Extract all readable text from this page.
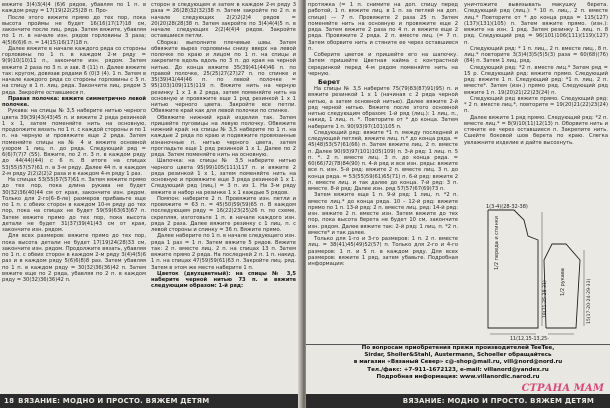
вяжите 3(4)3(4)4 (6)6 рядов, убавляя по 1 п. в каждом ряду = 17(19)22(25)28 п. Про-

После этого вяжите прямо до тех пор, пока высота проймы не будет 16(16)17(17)18 см, закончите после лиц. ряда. Затем вяжите, убавляя по 1 п. в начале изн. рядов горловины 3 раза; 4(5)6(6)6 п. = 14(15)16(17)18 п.

Далее вяжите в начале каждого ряда со стороны горловины по 1 п. в каждом 2-м ряду = 9(9)10(10)11 п., закончите изн. рядом. Затем вяжите 2 раза по 3 п. и зав. 8 (11) п. Далее вяжите так: кругом, довязав рядами 6 (0)3 (4). 1 п. Затем в начале каждого ряда со стороны горловины с 5 п. на спицу в 1 п. лиц. ряда. Закончите лиц. рядом 3 ряда. Закройте оставшиеся п.

Правая полочка: вяжите симметрично левой полочке.

Рукава: на спицы № 3,5 наберите нитью черного цвета 39(39)43(43)45 п. и вяжите 2 ряда резинкой 1 х 1, затем поменяйте нить на основную, продолжите вязать по 1 п. с каждой стороны и по 1 п. на черную и провяжите еще 2 ряда. Затем поменяйте спицы на № 4 и вяжите основной узором 1 лиц. п. до ряда. Следующий ряд = 6(6)7(7)7 (55). Вяжите, по 2 п. 3 п. в каждом ряду до 44(44)(44) с 6 п. В итоге на спицах 53(55)57(57)61 п. в 3-м ряду. Далее 44 п. в каждом 2-м ряду 2(2)2(2)2 раза и в каждом 4-м ряду 1 раз.

На спицах 53(55)57(57)61 п. Затем вяжите прямо до тех пор, пока длина рукава не будет 30(32)36(40)44 см от края, закончите изн. рядом. Только для 2-го(6–8-ле) размеров прибавьте еще по 1 п. с обеих сторон в каждом 10-м ряду до тех пор, пока на спицах не будет 59(59)63(63)67 п. Затем вяжите прямо до тех пор, пока высота детали не будет 31(37)39(41)43 см от края, закончите изн. рядом.

Для всех размеров: вяжите прямо до тех пор, пока высота детали не будет 17(19)24(28)33 см, закончите изн. рядом. Продолжите вязать, убавляя по 1 п. с обеих сторон в каждом 2-м ряду 3(4)4(5)6 раз и в каждом ряду 5(6)6(8)8 раз. Затем убавляя по 1 п. в каждом ряду = 30(32)36(36)42 п. Затем вяжите еще по 2 ряда, убавляя по 2 п. в каждом ряду = 30(32)36(36)42 п.

сторон в следующем и затем в каждом 2-м ряду 3 раза = 26(28)32(32)38 п. Затем закройте по 2 п. в начале следующих 2(2)2(2)4 рядов = 20(20)28(28)38 п. Затем закройте по 3(4)4(4)5 п. в начале следующих 2(2)4(4)4 рядов. Закройте оставшиеся петли.

Сборка: выполните плечевые швы. Затем обвяжите вырез горловины снизу вверх на левой полочке по краю и лицом по 1 п. на спицы и закрепите вдоль вдоль по 3 п. до края на черной нитью. До конца вяжите 35(39)41(44)46 п. по правой полочке, 25(25)27(27)27 п. по спинке и 35(39)41(44)46 п. по левой полочке = 95(103)109(115)119 п. Вяжите нить на черную резинку 1 х 1 в 2 ряда, затем поменяйте нить на основную и провяжите еще 1 ряд резинкой 1 х 1 нитью черного цвета. Закройте все петли. Обвяжите край как для левой полочки по спинке.

Обвяжите нижний край изделия так. Затем пришейте пуговицы на левую полочку. Обвяжите нижний край: на спицы № 3,5 наберите по 1 п. на каждые 2 ряда по краю и подвяжите провязанные изнаночные п. нитью черного цвета, затем прогладьте еще 1 ряд резинкой 1 х 1. Далее по 2 ряда. Затем поменяйте нить на основную.

Шапочка: на спицы № 3,5 наберите нитью черного цвета 95(99)105(111)117 п. и вяжите 2 ряда резинкой 1 х 1, затем поменяйте нить на основную и провяжите еще 3 ряда резинкой 1 х 1. Следующий ряд (лиц.) = 3 п. из 1. На 3-м ряду вяжите в набор на резинке 1 х 1 каждые 5 рядов.

Помпон: наберите 2 п. Провяжите изн. петли и провяжите = 63 п. = 45(50)59(59)65 п. В каждом последующем ряду = 16(22)23(25)26 п. по схеме, скрепляя, изготовьте 1 п. в начале каждого изн. ряда 2 раза. Далее вяжите резинку с 1 лиц. п. с левой стороны и спинку = 36 п. Вяжите прямо.

Далее наберите по 1 п. в начале следующего изн. ряда 1 раз = 1 п. Затем вяжите 5 рядов. Вяжите так: 2 п. вместе лиц. 2 п. на спицах 13 п. Затем вяжите прямо 2 ряда. На последней 2 п. 1 п. накид. 1 п. на спицах 47(59)59(61)63 п. Закройте лиц. ряд. Затем в этом же месте наберите 1 п.

Цветок (двухцветный): на спицы № 3,5 наберите черной нитью 73 п. и вяжите следующим образом: 1-й ряд:

18 ВЯЗАНИЕ: МОДНО И ПРОСТО. ВЯЖЕМ ДЕТЯМ

протяжка (= 1 п. снимите на доп. спицу перед работой, 1 п. вяжите лиц. в 1 п. за петлей на доп. спице) — 7 п. Провяжите 2 раза 25 п. Затем поменяйте нить на основную и провяжите еще 2 ряда. Затем вяжите 2 раза по 4 п. и вяжите еще 2 ряда. Провяжите 2 ряда. 2 п. вместе лиц. (= 7 п. Затем оборвите нить и стяните ее через оставшиеся п.

Соберите цветок и пришейте его на шапочку. Затем пришейте Цветная кайма с контрастной серединкой перед 4-м рядом поменяйте нить на черную.

Берет

На спицы № 3,5 наберите 75(79)83(87)91(95) п. и вяжите резинкой 1 х 1 (начиная с 2 ряда черной нитью, а затем основной нитью). Далее вяжите 2-й ряд черной нитью. Вяжите после этого основной нитью следующим образом: 1-й ряд (лиц.): 1 лиц. п., накид, 1 лиц. п. *. Повторите от * до конца. Затем наберите 1 п. 90(93)97(101)105 п.

Следующий ряд: вяжите *1 п. между последней и следующей петлей, вяжите лиц. п.* до конца ряда. = 45(48)53(57)61(66) п. Затем вяжите лиц. 2 п. вместе п. Далее 90(93)97(101)105(109) п. 3-й ряд: 1 лиц. п. 5 п. *. 2 п. вместе лиц. 3 п. до конца ряда. = 60(66)72(78)84(90) п. 4-й ряд и все изн. ряды: вяжите все п. изн. 5-й ряд: вяжите 2 п. вместе лиц. 3 п. до конца ряда. = 53(55)59(61)65(71) п. 6-й ряд: вяжите 2 п. вместе лиц. и так далее до конца. 7-й ряд: 3 п. вместе. 8-й ряд: Далее изн. ряд 57(57)67(69)73 п.

Затем вяжите еще 1 п. 9-й ряд: 1 лиц. п. *2 п. вместе лиц.* до конца ряда. 10 – 12-й ряд: вяжите прямо по 1 п. 13-й ряд: 2 п. вместе лиц. ряд: 14-й ряд: изн. вяжите 2 п. вместе изн. Затем вяжите до тех пор, пока высота берета не будет 10 см, закончите изн. рядом. Далее вяжите так: 2-й ряд: 1 лиц. п. *2 п. вместе* и так далее.

Только для 1-го и 3-го размеров: 1 п. 2 п. вместе лиц. = 38(41)45(49)52(57) п. Только для 2-го и 4-го размеров: 1 п. и 5 п. в каждом ряду. Для всех размеров: вяжите 1 ряд, затем убавьте. Подробная информация:

уничтожите вывязывать макушку берета. Следующий ряд (лиц.): * 10 п. лиц., 2 п. вместе лиц.* Повторите от * до конца ряда = 115(127)(137)(131)(105) п. Затем вяжите прямо. (изн.): вяжите на изн. 1 ряд. Затем резинку 1 лиц. п. 8 ряд. Следующий ряд = 96(101)106(111)(119)(127) п.

Следующий ряд: * 1 п. лиц., 2 п. вместе лиц., 8 п. лиц.* повторите 3(3)4(3)5(5)5(3) раза = 60(68)(76)(84) п. Затем 1 лиц. ряд.

Следующий ряд: *2 п. вместе лиц.* Затем ряд = 15 р. Следующий ряд: вяжите прямо. Следующий ряд: вяжите 1 п. Следующий ряд: *1 п. лиц. 2 п. вместе*. Затем (изн.) прямо ряд. Следующий ряд вяжите 1 п. 19(20)21(22)23(24) п.

Следующий ряд вяжите прямо. Следующий ряд: * 2 п. вместе лиц.*, повторите = 19(20)21(22)23(24) п.

Далее вяжите 1 ряд прямо. Следующий ряд: *2 п. вместе лиц.* = 8(9)10(11)12(13) п. Оборвите нить и стяните ее через оставшиеся п. Закрепите нить. Сшейте боковой шов берета по краю. Слегка увлажните изделие и дайте высохнуть.

1(3-4)(28-32-38)
1/2 переда и спинки
1/2 рукава
18(21-25-28-31)	15(17-20-24-29-33)
11(12,15-13,25-

По вопросам приобретения пряжи производителей TeeTee,

Sirdar, Sholler&Stahl, Austermann, Schoeller обращайтесь

в магазин «Вязаный Север» с@-shop@mail.ru, vill@nord@nord.ru

Тел./факс: +7-911-1672123, e-mail: villanord@yandex.ru

Подробная информация: www.villanordic.narod.ru

ВЯЗАНИЕ: МОДНО И ПРОСТО. ВЯЖЕМ ДЕТЯМ
СТРАНА МАМ
